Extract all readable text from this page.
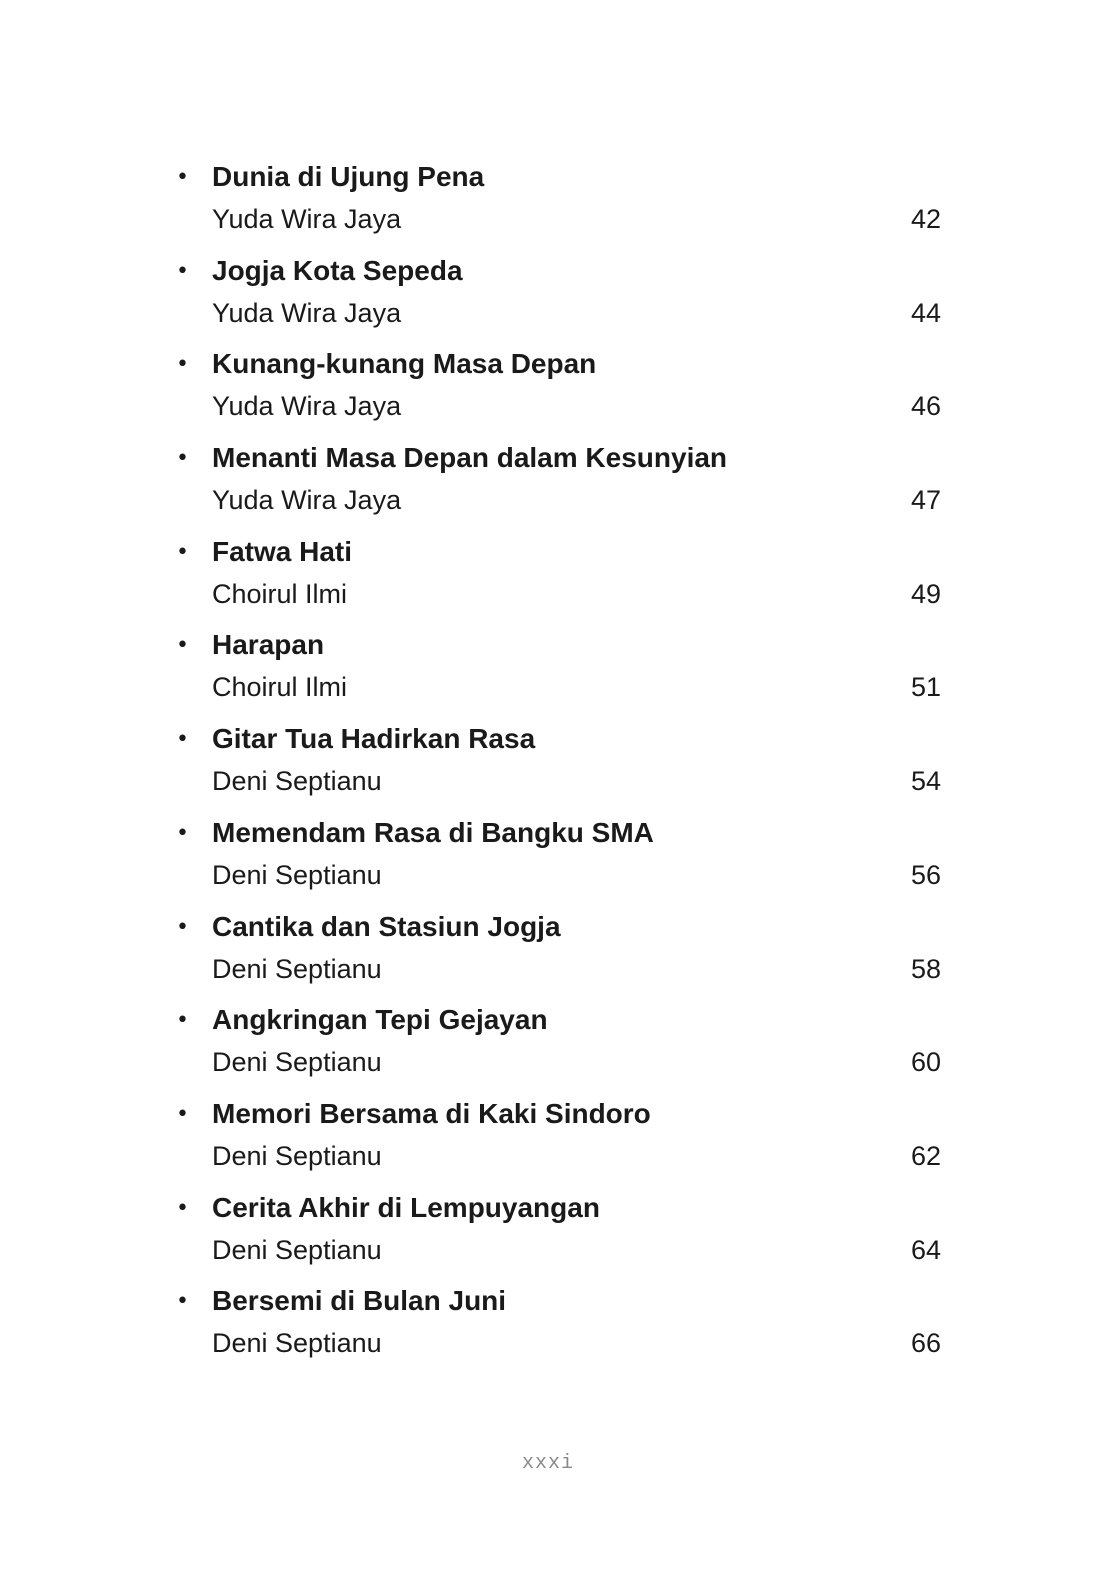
• Dunia di Ujung Pena
Yuda Wira Jaya	42
• Jogja Kota Sepeda
Yuda Wira Jaya	44
• Kunang-kunang Masa Depan
Yuda Wira Jaya	46
• Menanti Masa Depan dalam Kesunyian
Yuda Wira Jaya	47
• Fatwa Hati
Choirul Ilmi	49
• Harapan
Choirul Ilmi	51
• Gitar Tua Hadirkan Rasa
Deni Septianu	54
• Memendam Rasa di Bangku SMA
Deni Septianu	56
• Cantika dan Stasiun Jogja
Deni Septianu	58
• Angkringan Tepi Gejayan
Deni Septianu	60
• Memori Bersama di Kaki Sindoro
Deni Septianu	62
• Cerita Akhir di Lempuyangan
Deni Septianu	64
• Bersemi di Bulan Juni
Deni Septianu	66
xxxi
